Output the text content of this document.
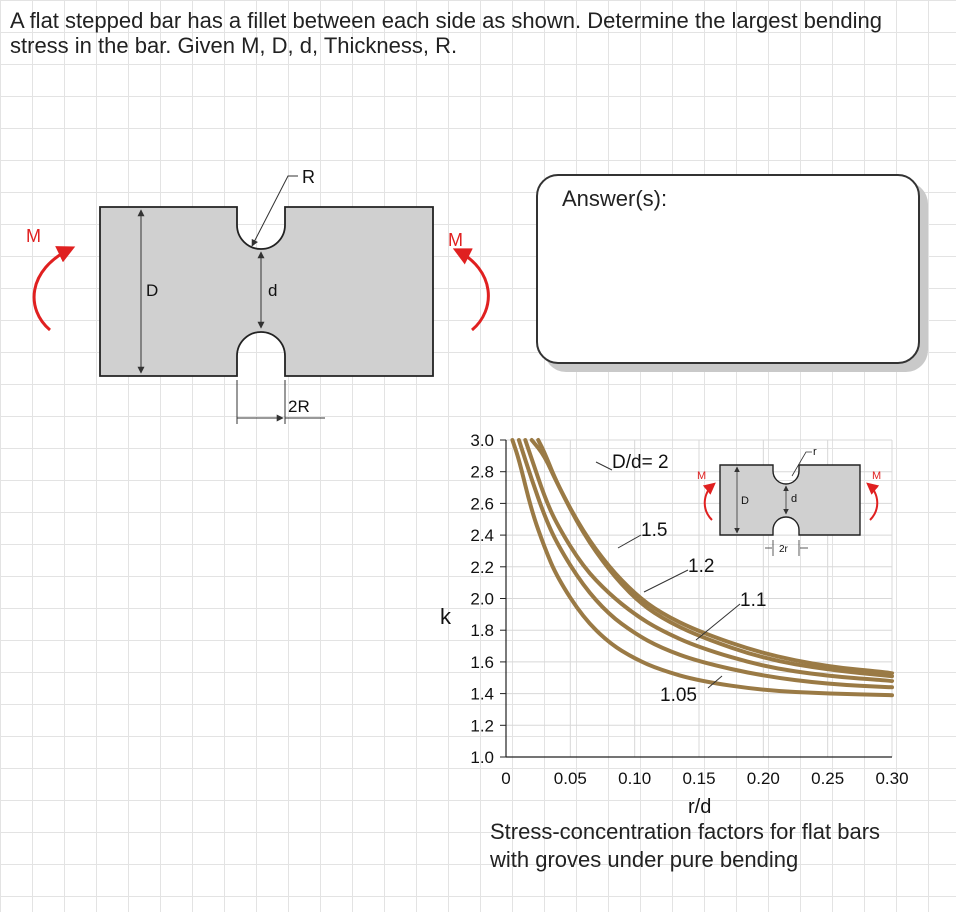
A flat stepped bar has a fillet between each side as shown. Determine the largest bending stress in the bar. Given M, D, d, Thickness, R.
D	d
R
2R
M	M
Answer(s):
3.0
2.8
2.6
2.4
2.2
2.0
1.8
1.6
1.4
1.2
1.0
0	0.05 0.10 0.15 0.20 0.25 0.30
k
r/d
D/d= 2
1.5
1.2
1.1
1.05
D	d
r
2r
M	M
Stress-concentration factors for flat bars with groves under pure bending
